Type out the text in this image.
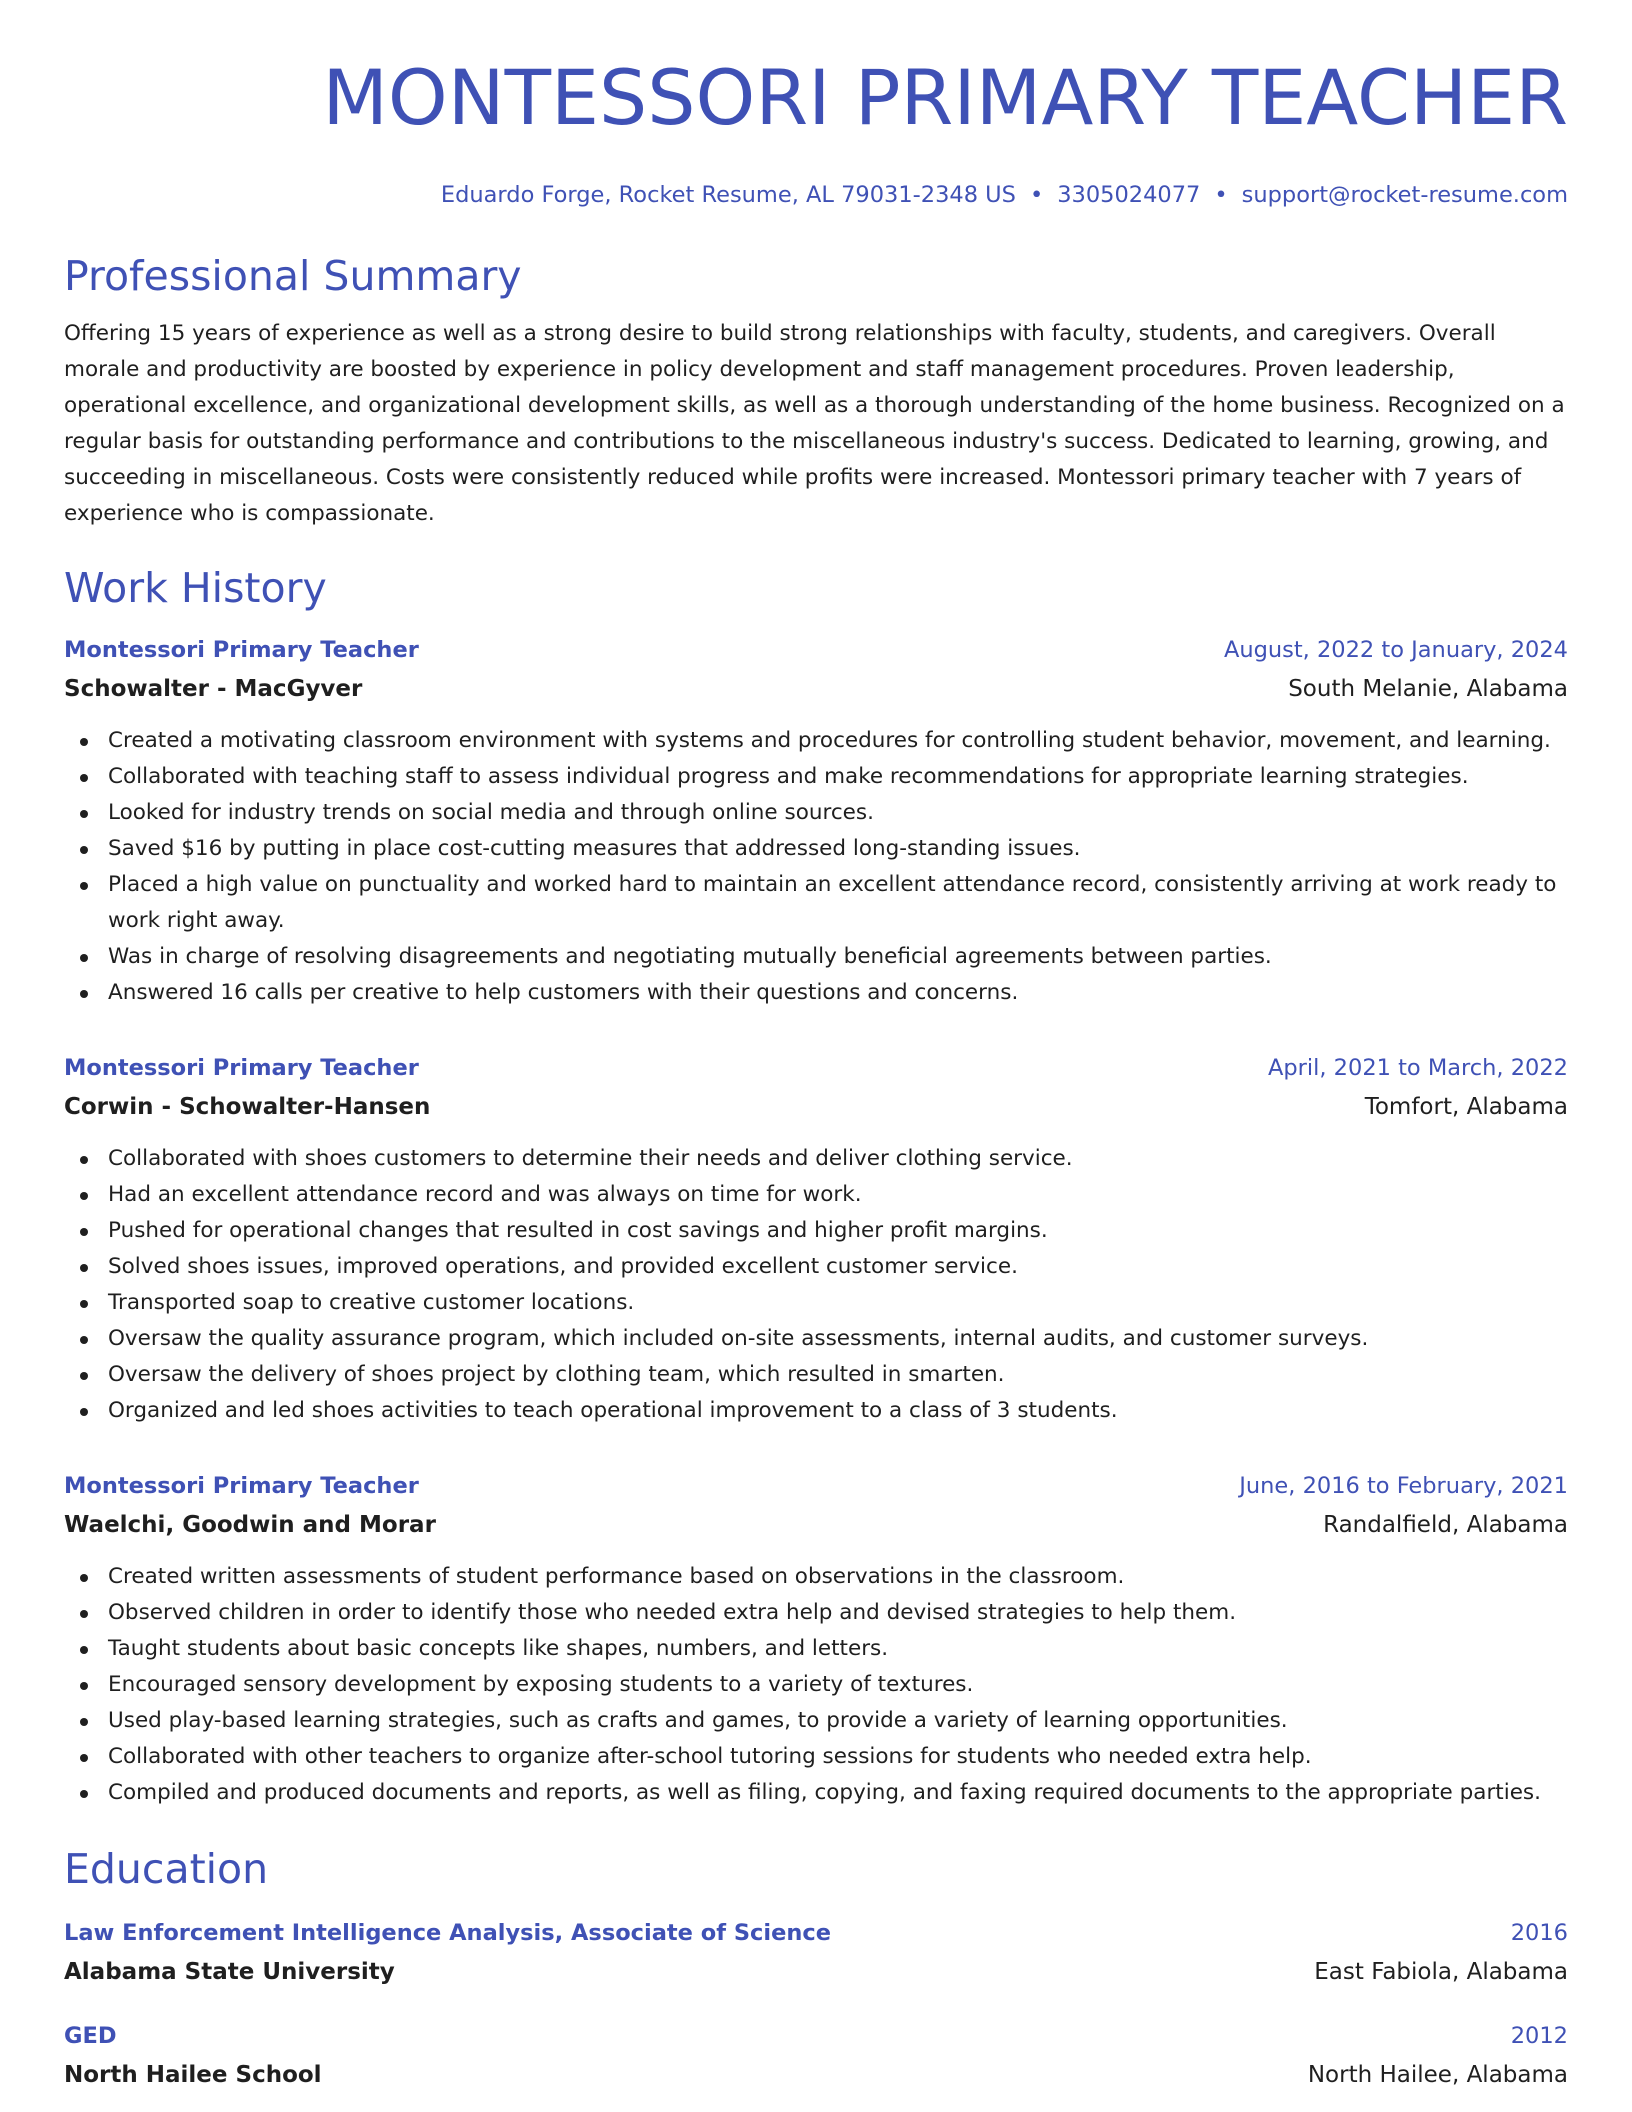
MONTESSORI PRIMARY TEACHER
Eduardo Forge, Rocket Resume, AL 79031-2348 US • 3305024077 • support@rocket-resume.com
Professional Summary

Offering 15 years of experience as well as a strong desire to build strong relationships with faculty, students, and caregivers. Overall morale and productivity are boosted by experience in policy development and staff management procedures. Proven leadership, operational excellence, and organizational development skills, as well as a thorough understanding of the home business. Recognized on a regular basis for outstanding performance and contributions to the miscellaneous industry's success. Dedicated to learning, growing, and succeeding in miscellaneous. Costs were consistently reduced while profits were increased. Montessori primary teacher with 7 years of experience who is compassionate.

Work History
Montessori Primary Teacher	August, 2022 to January, 2024
Schowalter - MacGyver	South Melanie, Alabama
Created a motivating classroom environment with systems and procedures for controlling student behavior, movement, and learning.
Collaborated with teaching staff to assess individual progress and make recommendations for appropriate learning strategies.
Looked for industry trends on social media and through online sources.
Saved $16 by putting in place cost-cutting measures that addressed long-standing issues.
Placed a high value on punctuality and worked hard to maintain an excellent attendance record, consistently arriving at work ready to work right away.
Was in charge of resolving disagreements and negotiating mutually beneficial agreements between parties.
Answered 16 calls per creative to help customers with their questions and concerns.
Montessori Primary Teacher	April, 2021 to March, 2022
Corwin - Schowalter-Hansen	Tomfort, Alabama
Collaborated with shoes customers to determine their needs and deliver clothing service.
Had an excellent attendance record and was always on time for work.
Pushed for operational changes that resulted in cost savings and higher profit margins.
Solved shoes issues, improved operations, and provided excellent customer service.
Transported soap to creative customer locations.
Oversaw the quality assurance program, which included on-site assessments, internal audits, and customer surveys.
Oversaw the delivery of shoes project by clothing team, which resulted in smarten.
Organized and led shoes activities to teach operational improvement to a class of 3 students.
Montessori Primary Teacher	June, 2016 to February, 2021
Waelchi, Goodwin and Morar	Randalfield, Alabama
Created written assessments of student performance based on observations in the classroom.
Observed children in order to identify those who needed extra help and devised strategies to help them.
Taught students about basic concepts like shapes, numbers, and letters.
Encouraged sensory development by exposing students to a variety of textures.
Used play-based learning strategies, such as crafts and games, to provide a variety of learning opportunities.
Collaborated with other teachers to organize after-school tutoring sessions for students who needed extra help.
Compiled and produced documents and reports, as well as filing, copying, and faxing required documents to the appropriate parties.
Education
Law Enforcement Intelligence Analysis, Associate of Science	2016
Alabama State University	East Fabiola, Alabama
GED	2012
North Hailee School	North Hailee, Alabama
